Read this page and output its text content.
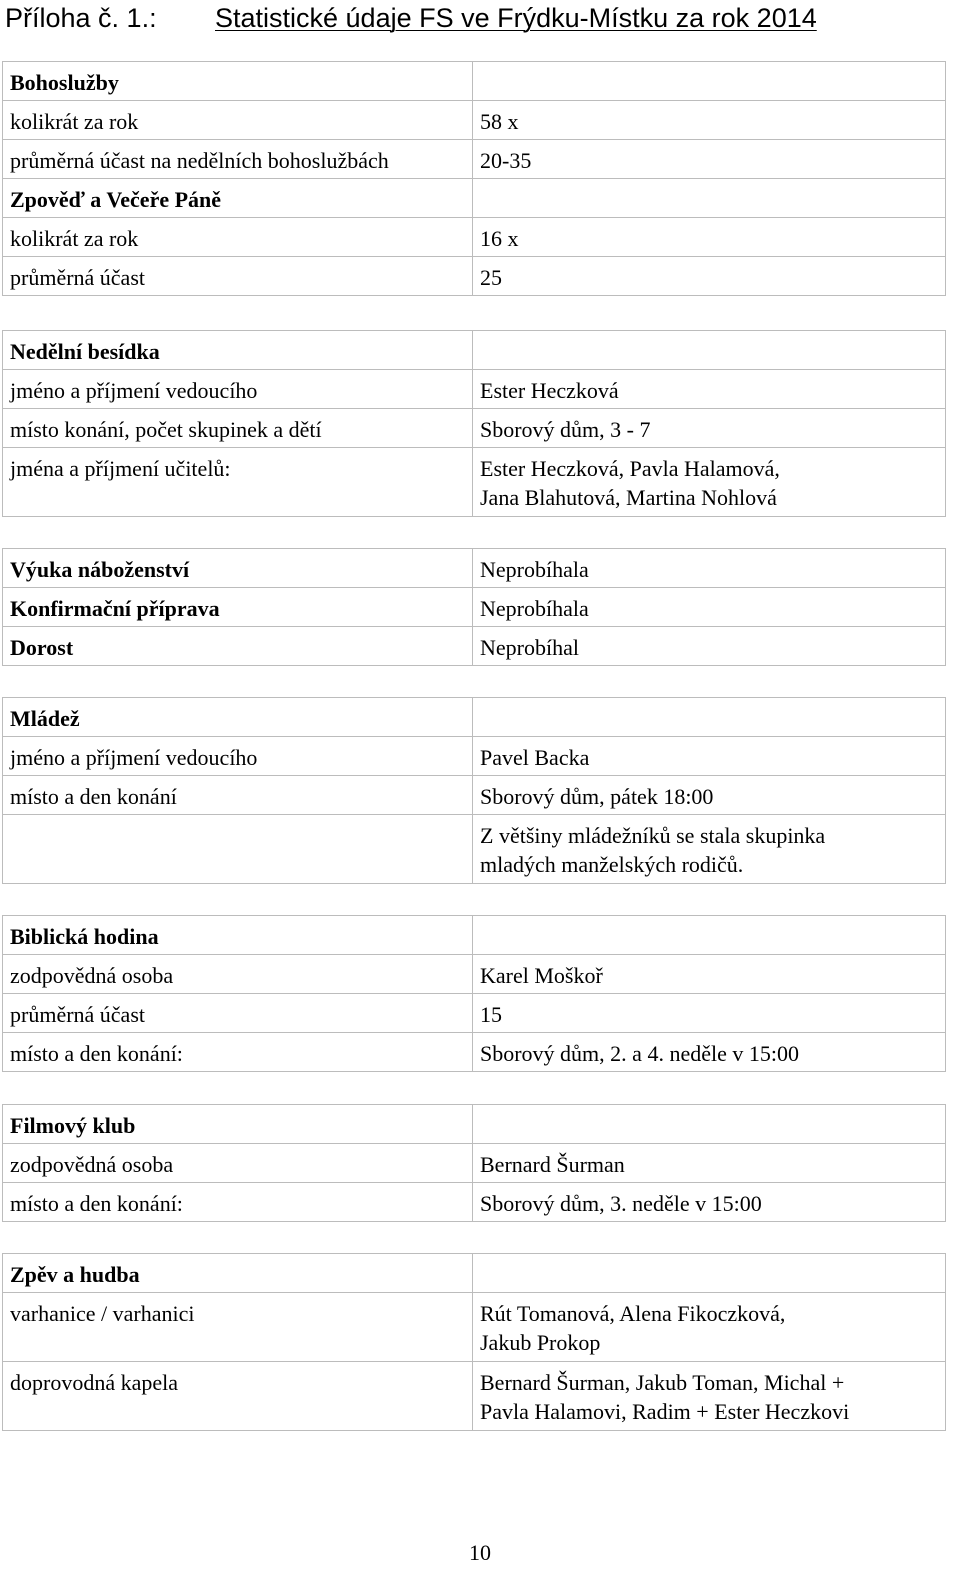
Příloha č. 1.: Statistické údaje FS ve Frýdku-Místku za rok 2014
Bohoslužby	
kolikrát za rok	58 x
průměrná účast na nedělních bohoslužbách	20-35
Zpověď a Večeře Páně	
kolikrát za rok	16 x
průměrná účast	25
Nedělní besídka	
jméno a příjmení vedoucího	Ester Heczková
místo konání, počet skupinek a dětí	Sborový dům, 3 - 7
jména a příjmení učitelů:	Ester Heczková, Pavla Halamová,
Jana Blahutová, Martina Nohlová
Výuka náboženství	Neprobíhala
Konfirmační příprava	Neprobíhala
Dorost	Neprobíhal
Mládež	
jméno a příjmení vedoucího	Pavel Backa
místo a den konání	Sborový dům, pátek 18:00

	Z většiny mládežníků se stala skupinka
mladých manželských rodičů.
Biblická hodina	
zodpovědná osoba	Karel Moškoř
průměrná účast	15
místo a den konání:	Sborový dům, 2. a 4. neděle v 15:00
Filmový klub	
zodpovědná osoba	Bernard Šurman
místo a den konání:	Sborový dům, 3. neděle v 15:00
Zpěv a hudba	
varhanice / varhanici	Rút Tomanová, Alena Fikoczková,
Jakub Prokop

doprovodná kapela	Bernard Šurman, Jakub Toman, Michal +
Pavla Halamovi, Radim + Ester Heczkovi
10
